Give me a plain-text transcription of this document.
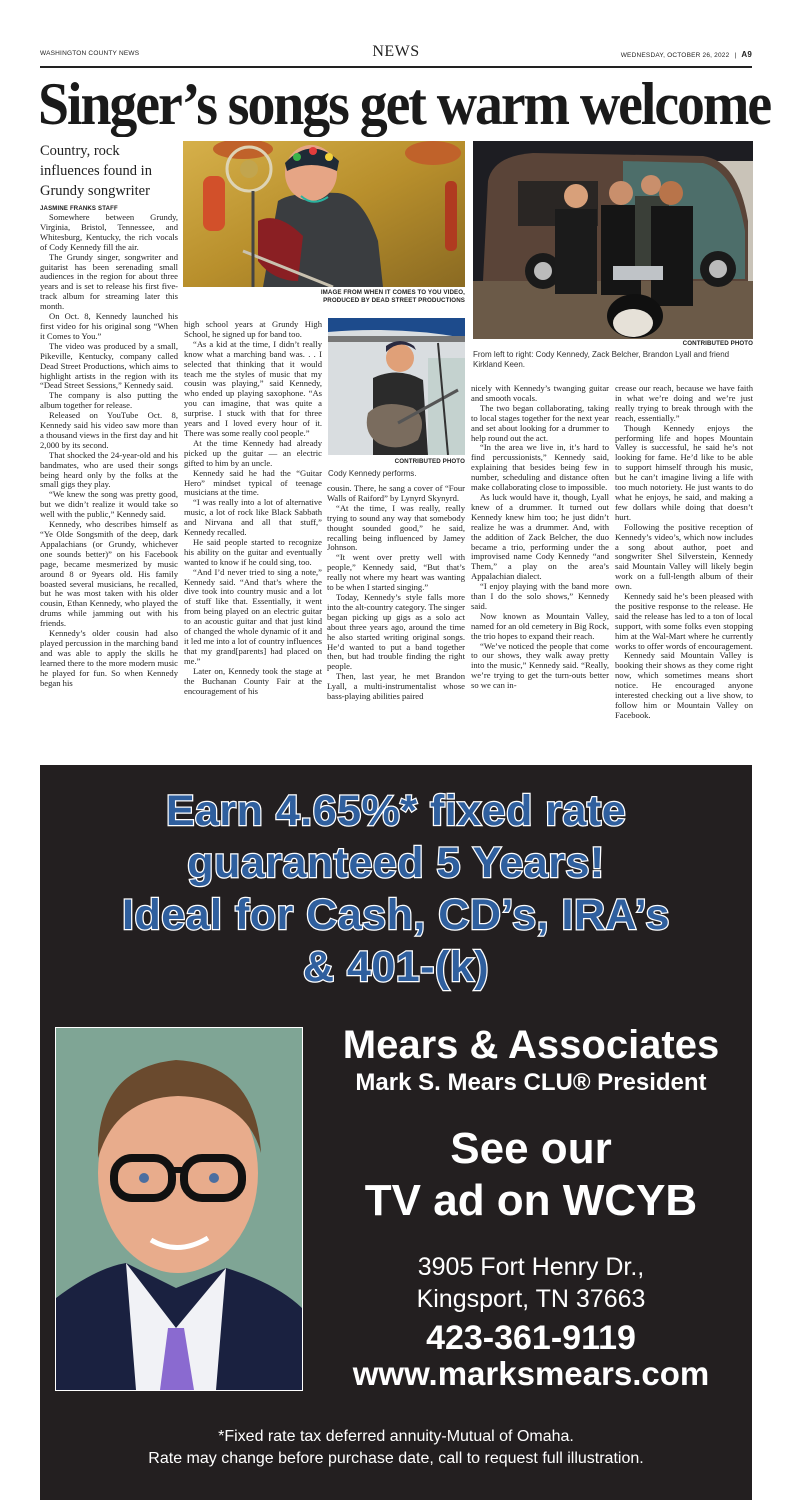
WASHINGTON COUNTY NEWS	NEWS	WEDNESDAY, OCTOBER 26, 2022 | A9
Singer’s songs get warm welcome
Country, rock influences found in Grundy songwriter
JASMINE FRANKS STAFF
IMAGE FROM WHEN IT COMES TO YOU VIDEO,
PRODUCED BY DEAD STREET PRODUCTIONS
CONTRIBUTED PHOTO
From left to right: Cody Kennedy, Zack Belcher, Brandon Lyall and friend Kirkland Keen.
CONTRIBUTED PHOTO
Cody Kennedy performs.

Somewhere between Grundy, Virginia, Bristol, Tennessee, and Whitesburg, Kentucky, the rich vocals of Cody Kennedy fill the air.

The Grundy singer, songwriter and guitarist has been serenading small audiences in the region for about three years and is set to release his first five-track album for streaming later this month.

On Oct. 8, Kennedy launched his first video for his original song “When it Comes to You.”

The video was produced by a small, Pikeville, Kentucky, company called Dead Street Productions, which aims to highlight artists in the region with its “Dead Street Sessions,” Kennedy said.

The company is also putting the album together for release.

Released on YouTube Oct. 8, Kennedy said his video saw more than a thousand views in the first day and hit 2,000 by its second.

That shocked the 24-year-old and his bandmates, who are used their songs being heard only by the folks at the small gigs they play.

“We knew the song was pretty good, but we didn’t realize it would take so well with the public,” Kennedy said.

Kennedy, who describes himself as “Ye Olde Songsmith of the deep, dark Appalachians (or Grundy, whichever one sounds better)” on his Facebook page, became mesmerized by music around 8 or 9years old. His family boasted several musicians, he recalled, but he was most taken with his older cousin, Ethan Kennedy, who played the drums while jamming out with his friends.

Kennedy’s older cousin had also played percussion in the marching band and was able to apply the skills he learned there to the more modern music he played for fun. So when Kennedy began his

high school years at Grundy High School, he signed up for band too.

“As a kid at the time, I didn’t really know what a marching band was. . . I selected that thinking that it would teach me the styles of music that my cousin was playing,” said Kennedy, who ended up playing saxophone. “As you can imagine, that was quite a surprise. I stuck with that for three years and I loved every hour of it. There was some really cool people.”

At the time Kennedy had already picked up the guitar — an electric gifted to him by an uncle.

Kennedy said he had the “Guitar Hero” mindset typical of teenage musicians at the time.

“I was really into a lot of alternative music, a lot of rock like Black Sabbath and Nirvana and all that stuff,” Kennedy recalled.

He said people started to recognize his ability on the guitar and eventually wanted to know if he could sing, too.

“And I’d never tried to sing a note,” Kennedy said. “And that’s where the dive took into country music and a lot of stuff like that. Essentially, it went from being played on an electric guitar to an acoustic guitar and that just kind of changed the whole dynamic of it and it led me into a lot of country influences that my grand[parents] had placed on me.”

Later on, Kennedy took the stage at the Buchanan County Fair at the encouragement of his

cousin. There, he sang a cover of “Four Walls of Raiford” by Lynyrd Skynyrd.

“At the time, I was really, really trying to sound any way that somebody thought sounded good,” he said, recalling being influenced by Jamey Johnson.

“It went over pretty well with people,” Kennedy said, “But that’s really not where my heart was wanting to be when I started singing.”

Today, Kennedy’s style falls more into the alt-country category. The singer began picking up gigs as a solo act about three years ago, around the time he also started writing original songs. He’d wanted to put a band together then, but had trouble finding the right people.

Then, last year, he met Brandon Lyall, a multi-instrumentalist whose bass-playing abilities paired

nicely with Kennedy’s twanging guitar and smooth vocals.

The two began collaborating, taking to local stages together for the next year and set about looking for a drummer to help round out the act.

“In the area we live in, it’s hard to find percussionists,” Kennedy said, explaining that besides being few in number, scheduling and distance often make collaborating close to impossible.

As luck would have it, though, Lyall knew of a drummer. It turned out Kennedy knew him too; he just didn’t realize he was a drummer. And, with the addition of Zack Belcher, the duo became a trio, performing under the improvised name Cody Kennedy “and Them,” a play on the area’s Appalachian dialect.

“I enjoy playing with the band more than I do the solo shows,” Kennedy said.

Now known as Mountain Valley, named for an old cemetery in Big Rock, the trio hopes to expand their reach.

“We’ve noticed the people that come to our shows, they walk away pretty into the music,” Kennedy said. “Really, we’re trying to get the turn-outs better so we can in-

crease our reach, because we have faith in what we’re doing and we’re just really trying to break through with the reach, essentially.”

Though Kennedy enjoys the performing life and hopes Mountain Valley is successful, he said he’s not looking for fame. He’d like to be able to support himself through his music, but he can’t imagine living a life with too much notoriety. He just wants to do what he enjoys, he said, and making a few dollars while doing that doesn’t hurt.

Following the positive reception of Kennedy’s video’s, which now includes a song about author, poet and songwriter Shel Silverstein, Kennedy said Mountain Valley will likely begin work on a full-length album of their own.

Kennedy said he’s been pleased with the positive response to the release. He said the release has led to a ton of local support, with some folks even stopping him at the Wal-Mart where he currently works to offer words of encouragement.

Kennedy said Mountain Valley is booking their shows as they come right now, which sometimes means short notice. He encouraged anyone interested checking out a live show, to follow him or Mountain Valley on Facebook.

Earn 4.65%* fixed rate
guaranteed 5 Years!
Ideal for Cash, CD’s, IRA’s
& 401-(k)
Mears & Associates
Mark S. Mears CLU® President
See our
TV ad on WCYB
3905 Fort Henry Dr.,
Kingsport, TN 37663
423-361-9119
www.marksmears.com
*Fixed rate tax deferred annuity-Mutual of Omaha.
Rate may change before purchase date, call to request full illustration.
